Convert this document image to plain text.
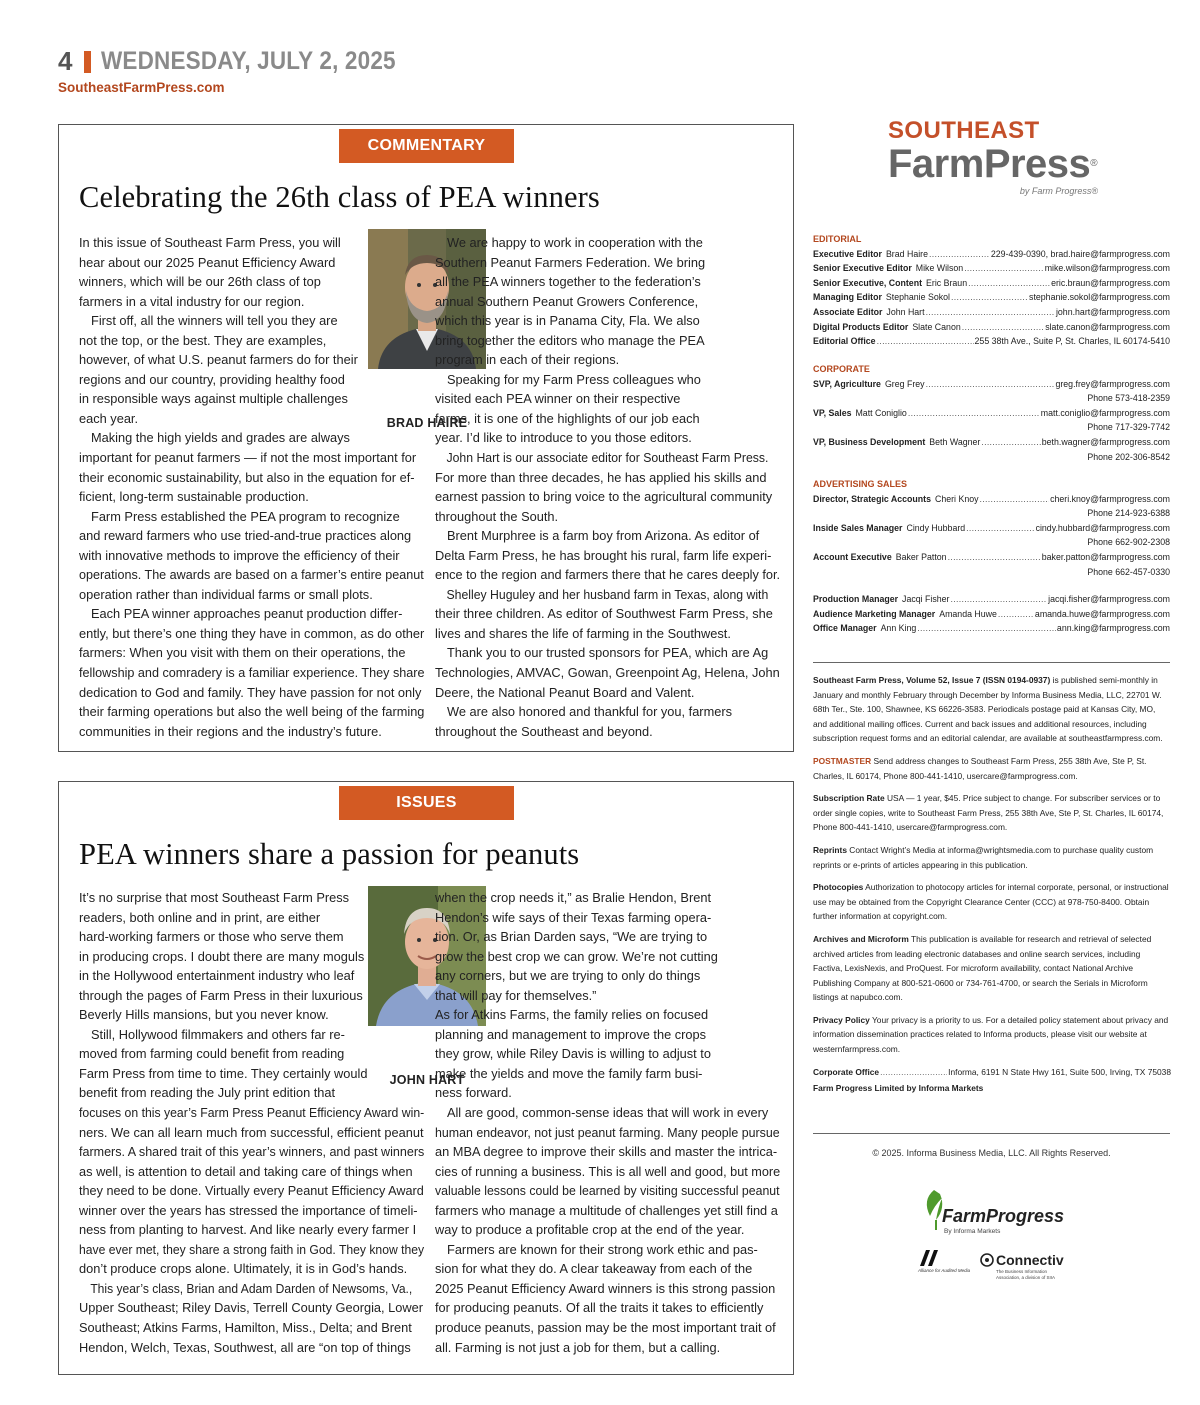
4 WEDNESDAY, JULY 2, 2025
SoutheastFarmPress.com
COMMENTARY
Celebrating the 26th class of PEA winners
In this issue of Southeast Farm Press, you will
hear about our 2025 Peanut Efficiency Award
winners, which will be our 26th class of top
farmers in a vital industry for our region.
First off, all the winners will tell you they are
not the top, or the best. They are examples,
however, of what U.S. peanut farmers do for their
regions and our country, providing healthy food
in responsible ways against multiple challenges
each year.
Making the high yields and grades are always
important for peanut farmers — if not the most important for
their economic sustainability, but also in the equation for ef-
ficient, long-term sustainable production.
Farm Press established the PEA program to recognize
and reward farmers who use tried-and-true practices along
with innovative methods to improve the efficiency of their
operations. The awards are based on a farmer’s entire peanut
operation rather than individual farms or small plots.
Each PEA winner approaches peanut production differ-
ently, but there’s one thing they have in common, as do other
farmers: When you visit with them on their operations, the
fellowship and comradery is a familiar experience. They share
dedication to God and family. They have passion for not only
their farming operations but also the well being of the farming
communities in their regions and the industry’s future.

BRAD HAIRE
We are happy to work in cooperation with the
Southern Peanut Farmers Federation. We bring
all the PEA winners together to the federation’s
annual Southern Peanut Growers Conference,
which this year is in Panama City, Fla. We also
bring together the editors who manage the PEA
program in each of their regions.
Speaking for my Farm Press colleagues who
visited each PEA winner on their respective
farms, it is one of the highlights of our job each
year. I’d like to introduce to you those editors.
John Hart is our associate editor for Southeast Farm Press.
For more than three decades, he has applied his skills and
earnest passion to bring voice to the agricultural community
throughout the South.
Brent Murphree is a farm boy from Arizona. As editor of
Delta Farm Press, he has brought his rural, farm life experi-
ence to the region and farmers there that he cares deeply for.
Shelley Huguley and her husband farm in Texas, along with
their three children. As editor of Southwest Farm Press, she
lives and shares the life of farming in the Southwest.
Thank you to our trusted sponsors for PEA, which are Ag
Technologies, AMVAC, Gowan, Greenpoint Ag, Helena, John
Deere, the National Peanut Board and Valent.
We are also honored and thankful for you, farmers
throughout the Southeast and beyond.

ISSUES
PEA winners share a passion for peanuts
It’s no surprise that most Southeast Farm Press
readers, both online and in print, are either
hard-working farmers or those who serve them
in producing crops. I doubt there are many moguls
in the Hollywood entertainment industry who leaf
through the pages of Farm Press in their luxurious
Beverly Hills mansions, but you never know.
Still, Hollywood filmmakers and others far re-
moved from farming could benefit from reading
Farm Press from time to time. They certainly would
benefit from reading the July print edition that
focuses on this year’s Farm Press Peanut Efficiency Award win-
ners. We can all learn much from successful, efficient peanut
farmers. A shared trait of this year’s winners, and past winners
as well, is attention to detail and taking care of things when
they need to be done. Virtually every Peanut Efficiency Award
winner over the years has stressed the importance of timeli-
ness from planting to harvest. And like nearly every farmer I
have ever met, they share a strong faith in God. They know they
don’t produce crops alone. Ultimately, it is in God’s hands.
This year’s class, Brian and Adam Darden of Newsoms, Va.,
Upper Southeast; Riley Davis, Terrell County Georgia, Lower
Southeast; Atkins Farms, Hamilton, Miss., Delta; and Brent
Hendon, Welch, Texas, Southwest, all are “on top of things

JOHN HART
when the crop needs it,” as Bralie Hendon, Brent
Hendon’s wife says of their Texas farming opera-
tion. Or, as Brian Darden says, “We are trying to
grow the best crop we can grow. We’re not cutting
any corners, but we are trying to only do things
that will pay for themselves.”
As for Atkins Farms, the family relies on focused
planning and management to improve the crops
they grow, while Riley Davis is willing to adjust to
make the yields and move the family farm busi-
ness forward.
All are good, common-sense ideas that will work in every
human endeavor, not just peanut farming. Many people pursue
an MBA degree to improve their skills and master the intrica-
cies of running a business. This is all well and good, but more
valuable lessons could be learned by visiting successful peanut
farmers who manage a multitude of challenges yet still find a
way to produce a profitable crop at the end of the year.
Farmers are known for their strong work ethic and pas-
sion for what they do. A clear takeaway from each of the
2025 Peanut Efficiency Award winners is this strong passion
for producing peanuts. Of all the traits it takes to efficiently
produce peanuts, passion may be the most important trait of
all. Farming is not just a job for them, but a calling.

SOUTHEAST
FarmPress®
by Farm Progress®
EDITORIAL
Executive Editor Brad Haire .....	229-439-0390, brad.haire@farmprogress.com
Senior Executive Editor Mike Wilson .....	mike.wilson@farmprogress.com
Senior Executive, Content Eric Braun .....	eric.braun@farmprogress.com
Managing Editor Stephanie Sokol .....	stephanie.sokol@farmprogress.com
Associate Editor John Hart .....	john.hart@farmprogress.com
Digital Products Editor Slate Canon .....	slate.canon@farmprogress.com
Editorial Office .....	255 38th Ave., Suite P, St. Charles, IL 60174-5410
CORPORATE
SVP, Agriculture Greg Frey .....	greg.frey@farmprogress.com
Phone 573-418-2359
VP, Sales Matt Coniglio .....	matt.coniglio@farmprogress.com
Phone 717-329-7742
VP, Business Development Beth Wagner .....	beth.wagner@farmprogress.com
Phone 202-306-8542
ADVERTISING SALES
Director, Strategic Accounts Cheri Knoy .....	cheri.knoy@farmprogress.com
Phone 214-923-6388
Inside Sales Manager Cindy Hubbard .....	cindy.hubbard@farmprogress.com
Phone 662-902-2308
Account Executive Baker Patton .....	baker.patton@farmprogress.com
Phone 662-457-0330
Production Manager Jacqi Fisher .....	jacqi.fisher@farmprogress.com
Audience Marketing Manager Amanda Huwe .....	amanda.huwe@farmprogress.com
Office Manager Ann King .....	ann.king@farmprogress.com
Southeast Farm Press, Volume 52, Issue 7 (ISSN 0194-0937) is published semi-monthly in January and monthly February through December by Informa Business Media, LLC, 22701 W. 68th Ter., Ste. 100, Shawnee, KS 66226-3583. Periodicals postage paid at Kansas City, MO, and additional mailing offices. Current and back issues and additional resources, including subscription request forms and an editorial calendar, are available at southeastfarmpress.com.
POSTMASTER Send address changes to Southeast Farm Press, 255 38th Ave, Ste P, St. Charles, IL 60174, Phone 800-441-1410, usercare@farmprogress.com.
Subscription Rate USA — 1 year, $45. Price subject to change. For subscriber services or to order single copies, write to Southeast Farm Press, 255 38th Ave, Ste P, St. Charles, IL 60174, Phone 800-441-1410, usercare@farmprogress.com.
Reprints Contact Wright’s Media at informa@wrightsmedia.com to purchase quality custom reprints or e-prints of articles appearing in this publication.
Photocopies Authorization to photocopy articles for internal corporate, personal, or instructional use may be obtained from the Copyright Clearance Center (CCC) at 978-750-8400. Obtain further information at copyright.com.
Archives and Microform This publication is available for research and retrieval of selected archived articles from leading electronic databases and online search services, including Factiva, LexisNexis, and ProQuest. For microform availability, contact National Archive Publishing Company at 800-521-0600 or 734-761-4700, or search the Serials in Microform listings at napubco.com.
Privacy Policy Your privacy is a priority to us. For a detailed policy statement about privacy and information dissemination practices related to Informa products, please visit our website at westernfarmpress.com.
Corporate Office .....	Informa, 6191 N State Hwy 161, Suite 500, Irving, TX 75038
Farm Progress Limited by Informa Markets
© 2025. Informa Business Media, LLC. All Rights Reserved.
FarmProgress
By Informa Markets
Alliance for Audited Media
Connectiv
The Business Information
Association, a division of SIIA
